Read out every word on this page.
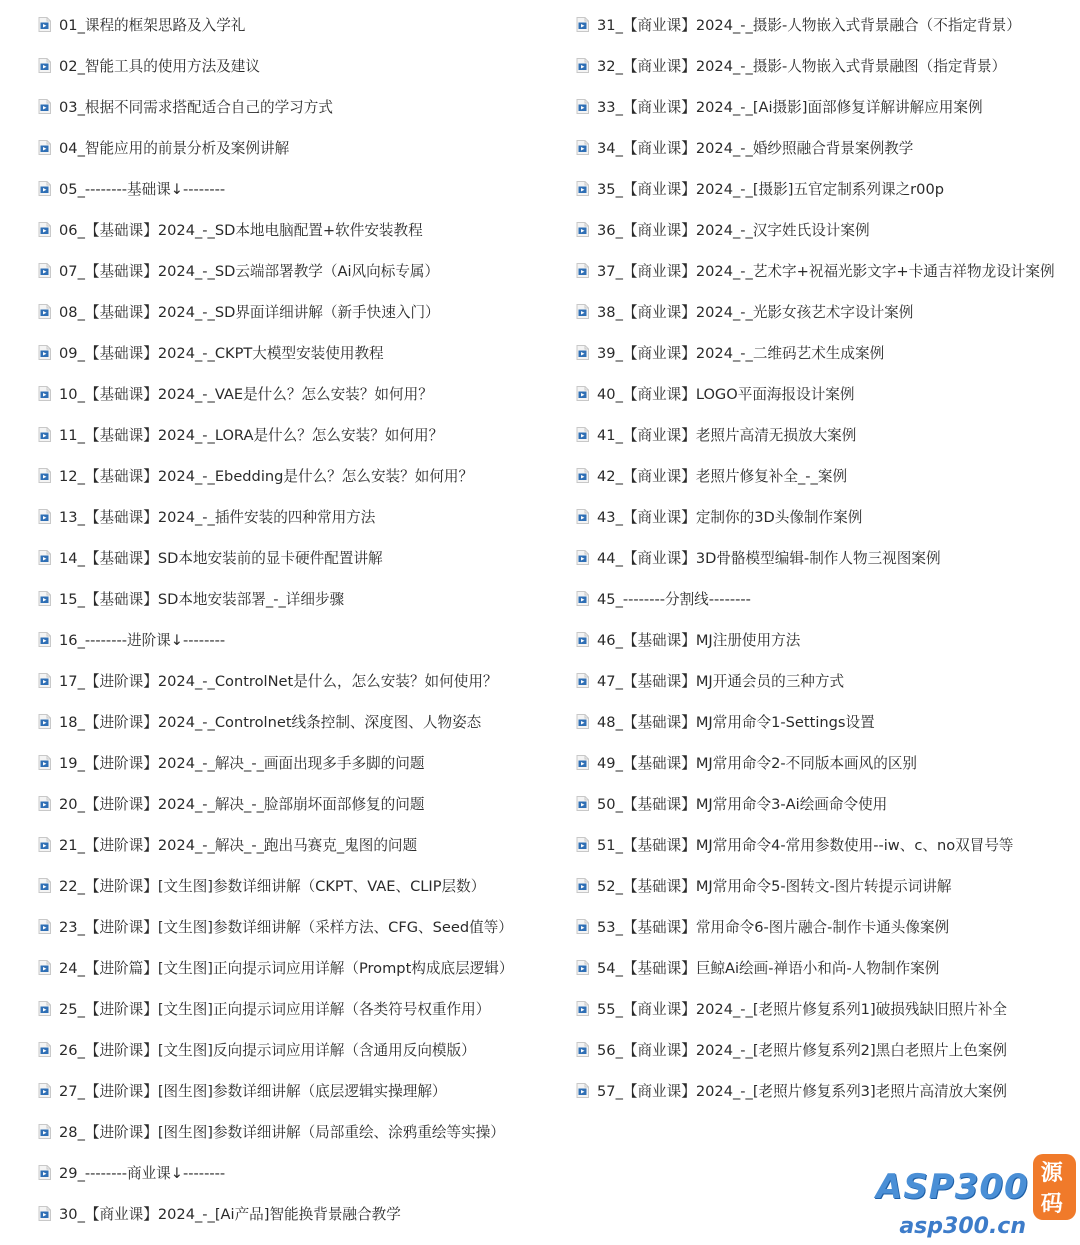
01_课程的框架思路及入学礼
02_智能工具的使用方法及建议
03_根据不同需求搭配适合自己的学习方式
04_智能应用的前景分析及案例讲解
05_--------基础课↓--------
06_【基础课】2024_-_SD本地电脑配置+软件安装教程
07_【基础课】2024_-_SD云端部署教学（Ai风向标专属）
08_【基础课】2024_-_SD界面详细讲解（新手快速入门）
09_【基础课】2024_-_CKPT大模型安装使用教程
10_【基础课】2024_-_VAE是什么？怎么安装？如何用？
11_【基础课】2024_-_LORA是什么？怎么安装？如何用？
12_【基础课】2024_-_Ebedding是什么？怎么安装？如何用？
13_【基础课】2024_-_插件安装的四种常用方法
14_【基础课】SD本地安装前的显卡硬件配置讲解
15_【基础课】SD本地安装部署_-_详细步骤
16_--------进阶课↓--------
17_【进阶课】2024_-_ControlNet是什么，怎么安装？如何使用？
18_【进阶课】2024_-_Controlnet线条控制、深度图、人物姿态
19_【进阶课】2024_-_解决_-_画面出现多手多脚的问题
20_【进阶课】2024_-_解决_-_脸部崩坏面部修复的问题
21_【进阶课】2024_-_解决_-_跑出马赛克_鬼图的问题
22_【进阶课】[文生图]参数详细讲解（CKPT、VAE、CLIP层数）
23_【进阶课】[文生图]参数详细讲解（采样方法、CFG、Seed值等）
24_【进阶篇】[文生图]正向提示词应用详解（Prompt构成底层逻辑）
25_【进阶课】[文生图]正向提示词应用详解（各类符号权重作用）
26_【进阶课】[文生图]反向提示词应用详解（含通用反向模版）
27_【进阶课】[图生图]参数详细讲解（底层逻辑实操理解）
28_【进阶课】[图生图]参数详细讲解（局部重绘、涂鸦重绘等实操）
29_--------商业课↓--------
30_【商业课】2024_-_[Ai产品]智能换背景融合教学
31_【商业课】2024_-_摄影-人物嵌入式背景融合（不指定背景）
32_【商业课】2024_-_摄影-人物嵌入式背景融图（指定背景）
33_【商业课】2024_-_[Ai摄影]面部修复详解讲解应用案例
34_【商业课】2024_-_婚纱照融合背景案例教学
35_【商业课】2024_-_[摄影]五官定制系列课之r00p
36_【商业课】2024_-_汉字姓氏设计案例
37_【商业课】2024_-_艺术字+祝福光影文字+卡通吉祥物龙设计案例
38_【商业课】2024_-_光影女孩艺术字设计案例
39_【商业课】2024_-_二维码艺术生成案例
40_【商业课】LOGO平面海报设计案例
41_【商业课】老照片高清无损放大案例
42_【商业课】老照片修复补全_-_案例
43_【商业课】定制你的3D头像制作案例
44_【商业课】3D骨骼模型编辑-制作人物三视图案例
45_--------分割线--------
46_【基础课】MJ注册使用方法
47_【基础课】MJ开通会员的三种方式
48_【基础课】MJ常用命令1-Settings设置
49_【基础课】MJ常用命令2-不同版本画风的区别
50_【基础课】MJ常用命令3-Ai绘画命令使用
51_【基础课】MJ常用命令4-常用参数使用--iw、c、no双冒号等
52_【基础课】MJ常用命令5-图转文-图片转提示词讲解
53_【基础课】常用命令6-图片融合-制作卡通头像案例
54_【基础课】巨鲸Ai绘画-禅语小和尚-人物制作案例
55_【商业课】2024_-_[老照片修复系列1]破损残缺旧照片补全
56_【商业课】2024_-_[老照片修复系列2]黑白老照片上色案例
57_【商业课】2024_-_[老照片修复系列3]老照片高清放大案例
ASP300 源码
asp300.cn
